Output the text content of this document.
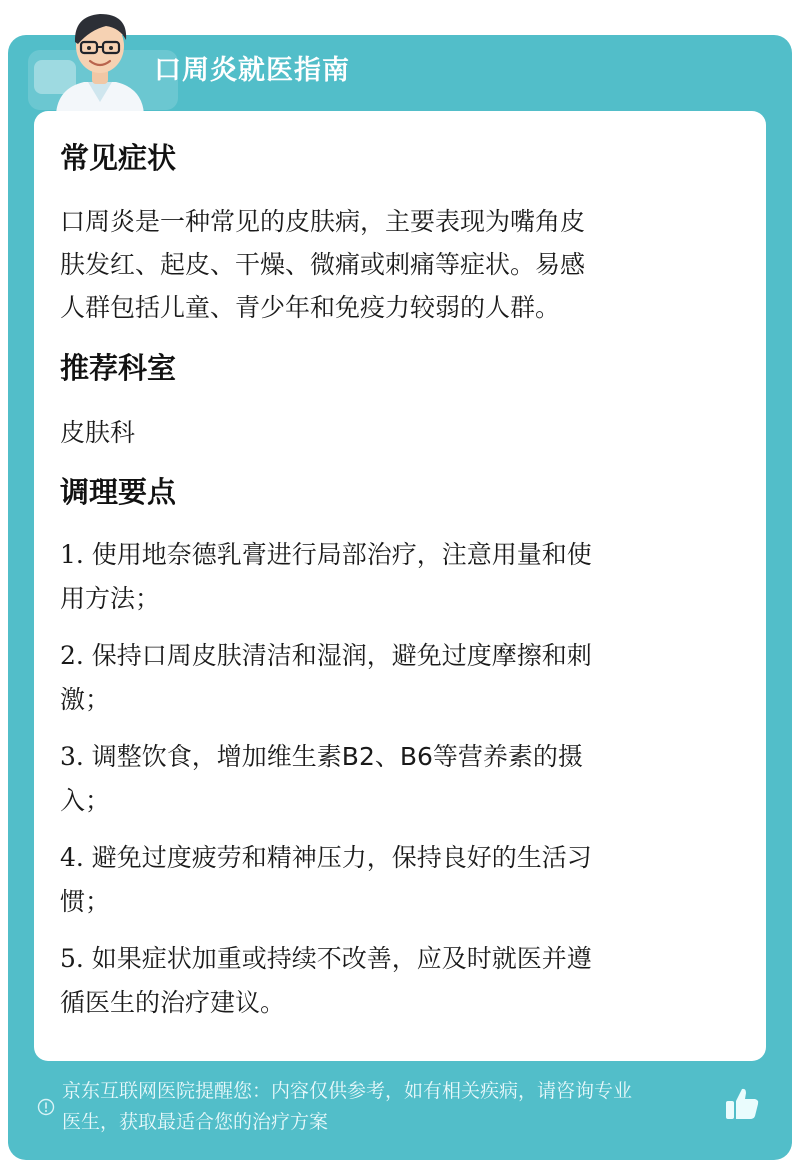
口周炎就医指南
常见症状
口周炎是一种常见的皮肤病，主要表现为嘴角皮
肤发红、起皮、干燥、微痛或刺痛等症状。易感
人群包括儿童、青少年和免疫力较弱的人群。
推荐科室
皮肤科
调理要点
1. 使用地奈德乳膏进行局部治疗，注意用量和使
用方法；
2. 保持口周皮肤清洁和湿润，避免过度摩擦和刺
激；
3. 调整饮食，增加维生素B2、B6等营养素的摄
入；
4. 避免过度疲劳和精神压力，保持良好的生活习
惯；
5. 如果症状加重或持续不改善，应及时就医并遵
循医生的治疗建议。
京东互联网医院提醒您：内容仅供参考，如有相关疾病，请咨询专业
医生，获取最适合您的治疗方案
